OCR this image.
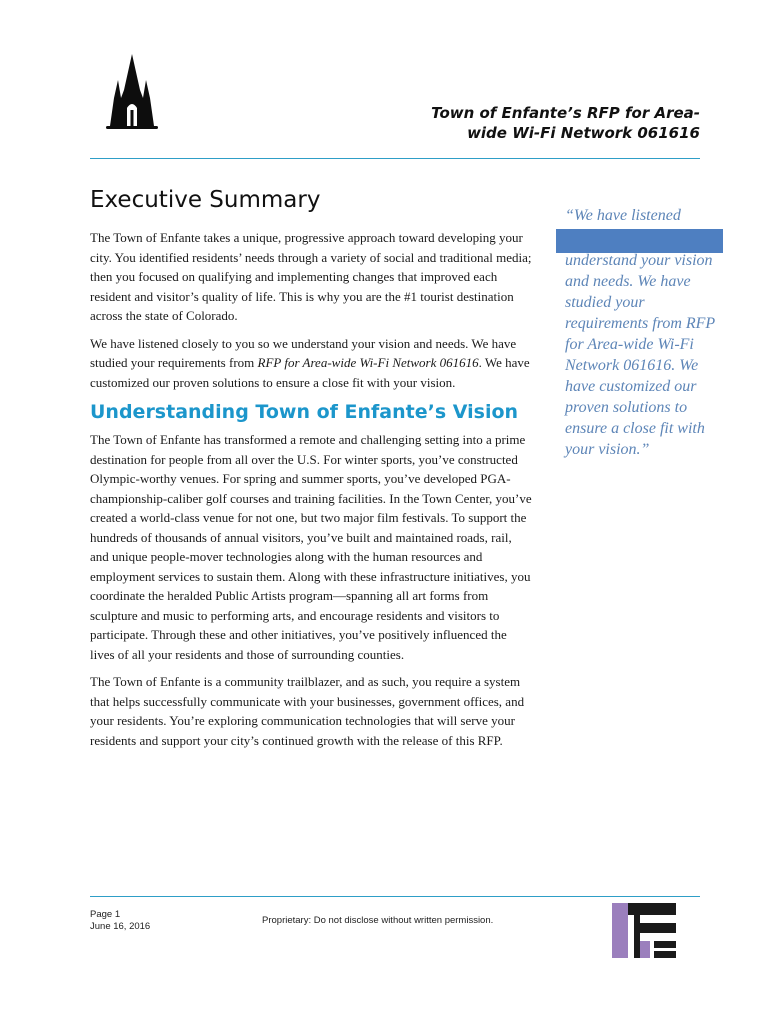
Town of Enfante’s RFP for Area-
wide Wi-Fi Network 061616
Executive Summary

The Town of Enfante takes a unique, progressive approach toward developing your city. You identified residents’ needs through a variety of social and traditional media; then you focused on qualifying and implementing changes that improved each resident and visitor’s quality of life. This is why you are the #1 tourist destination across the state of Colorado.

We have listened closely to you so we understand your vision and needs. We have studied your requirements from RFP for Area-wide Wi-Fi Network 061616. We have customized our proven solutions to ensure a close fit with your vision.

Understanding Town of Enfante’s Vision

The Town of Enfante has transformed a remote and challenging setting into a prime destination for people from all over the U.S. For winter sports, you’ve constructed Olympic-worthy venues. For spring and summer sports, you’ve developed PGA-championship-caliber golf courses and training facilities. In the Town Center, you’ve created a world-class venue for not one, but two major film festivals. To support the hundreds of thousands of annual visitors, you’ve built and maintained roads, rail, and unique people-mover technologies along with the human resources and employment services to sustain them. Along with these infrastructure initiatives, you coordinate the heralded Public Artists program—spanning all art forms from sculpture and music to performing arts, and encourage residents and visitors to participate. Through these and other initiatives, you’ve positively influenced the lives of all your residents and those of surrounding counties.

The Town of Enfante is a community trailblazer, and as such, you require a system that helps successfully communicate with your businesses, government offices, and your residents. You’re exploring communication technologies that will serve your residents and support your city’s continued growth with the release of this RFP.

“We have listened
understand your vision and needs. We have studied your requirements from RFP for Area-wide Wi-Fi Network 061616. We have customized our proven solutions to ensure a close fit with your vision.”
Page 1
June 16, 2016
Proprietary: Do not disclose without written permission.
